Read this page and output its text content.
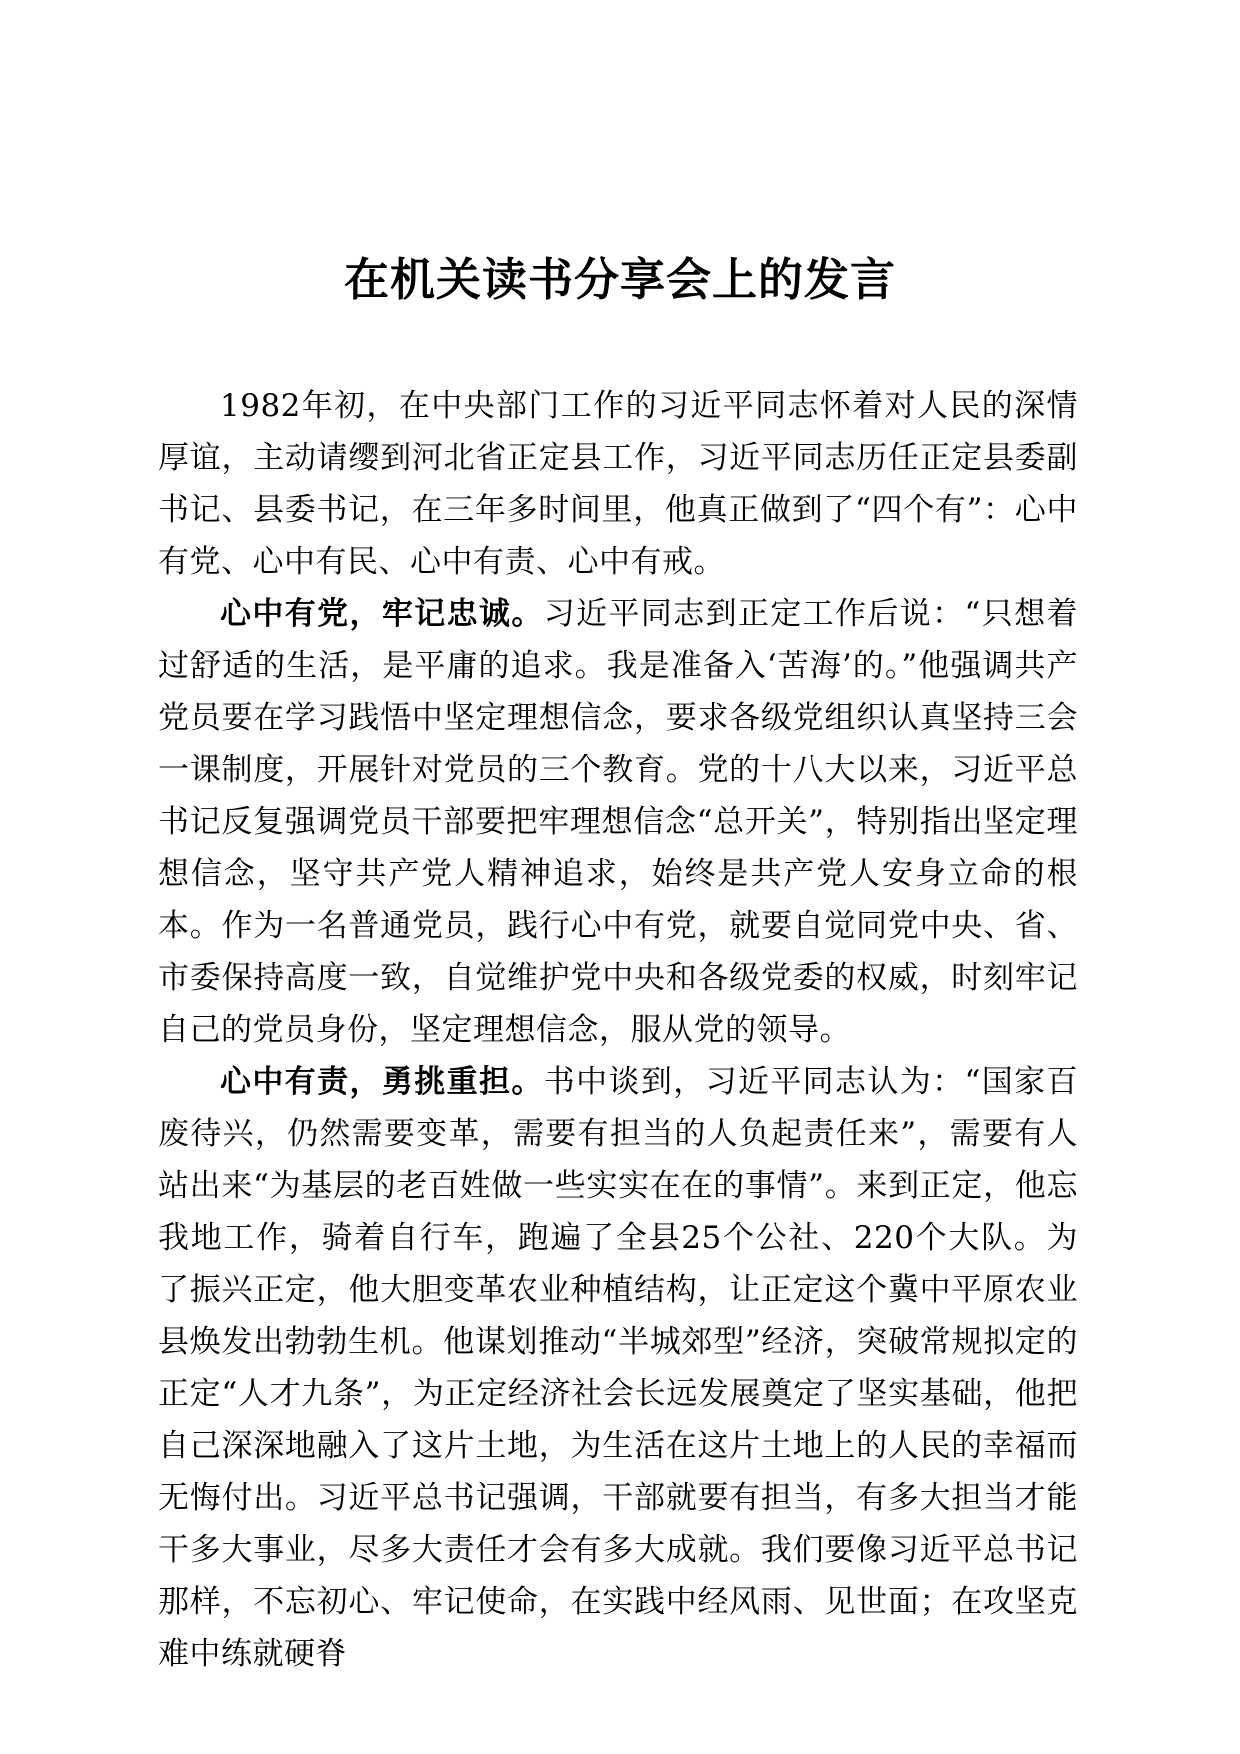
在机关读书分享会上的发言

1982年初，在中央部门工作的习近平同志怀着对人民的深情厚谊，主动请缨到河北省正定县工作，习近平同志历任正定县委副书记、县委书记，在三年多时间里，他真正做到了“四个有”：心中有党、心中有民、心中有责、心中有戒。

心中有党，牢记忠诚。习近平同志到正定工作后说：“只想着过舒适的生活，是平庸的追求。我是准备入‘苦海’的。”他强调共产党员要在学习践悟中坚定理想信念，要求各级党组织认真坚持三会一课制度，开展针对党员的三个教育。党的十八大以来，习近平总书记反复强调党员干部要把牢理想信念“总开关”，特别指出坚定理想信念，坚守共产党人精神追求，始终是共产党人安身立命的根本。作为一名普通党员，践行心中有党，就要自觉同党中央、省、市委保持高度一致，自觉维护党中央和各级党委的权威，时刻牢记自己的党员身份，坚定理想信念，服从党的领导。

心中有责，勇挑重担。书中谈到，习近平同志认为：“国家百废待兴，仍然需要变革，需要有担当的人负起责任来”，需要有人站出来“为基层的老百姓做一些实实在在的事情”。来到正定，他忘我地工作，骑着自行车，跑遍了全县25个公社、220个大队。为了振兴正定，他大胆变革农业种植结构，让正定这个冀中平原农业县焕发出勃勃生机。他谋划推动“半城郊型”经济，突破常规拟定的正定“人才九条”，为正定经济社会长远发展奠定了坚实基础，他把自己深深地融入了这片土地，为生活在这片土地上的人民的幸福而无悔付出。习近平总书记强调，干部就要有担当，有多大担当才能干多大事业，尽多大责任才会有多大成就。我们要像习近平总书记那样，不忘初心、牢记使命，在实践中经风雨、见世面；在攻坚克难中练就硬脊
